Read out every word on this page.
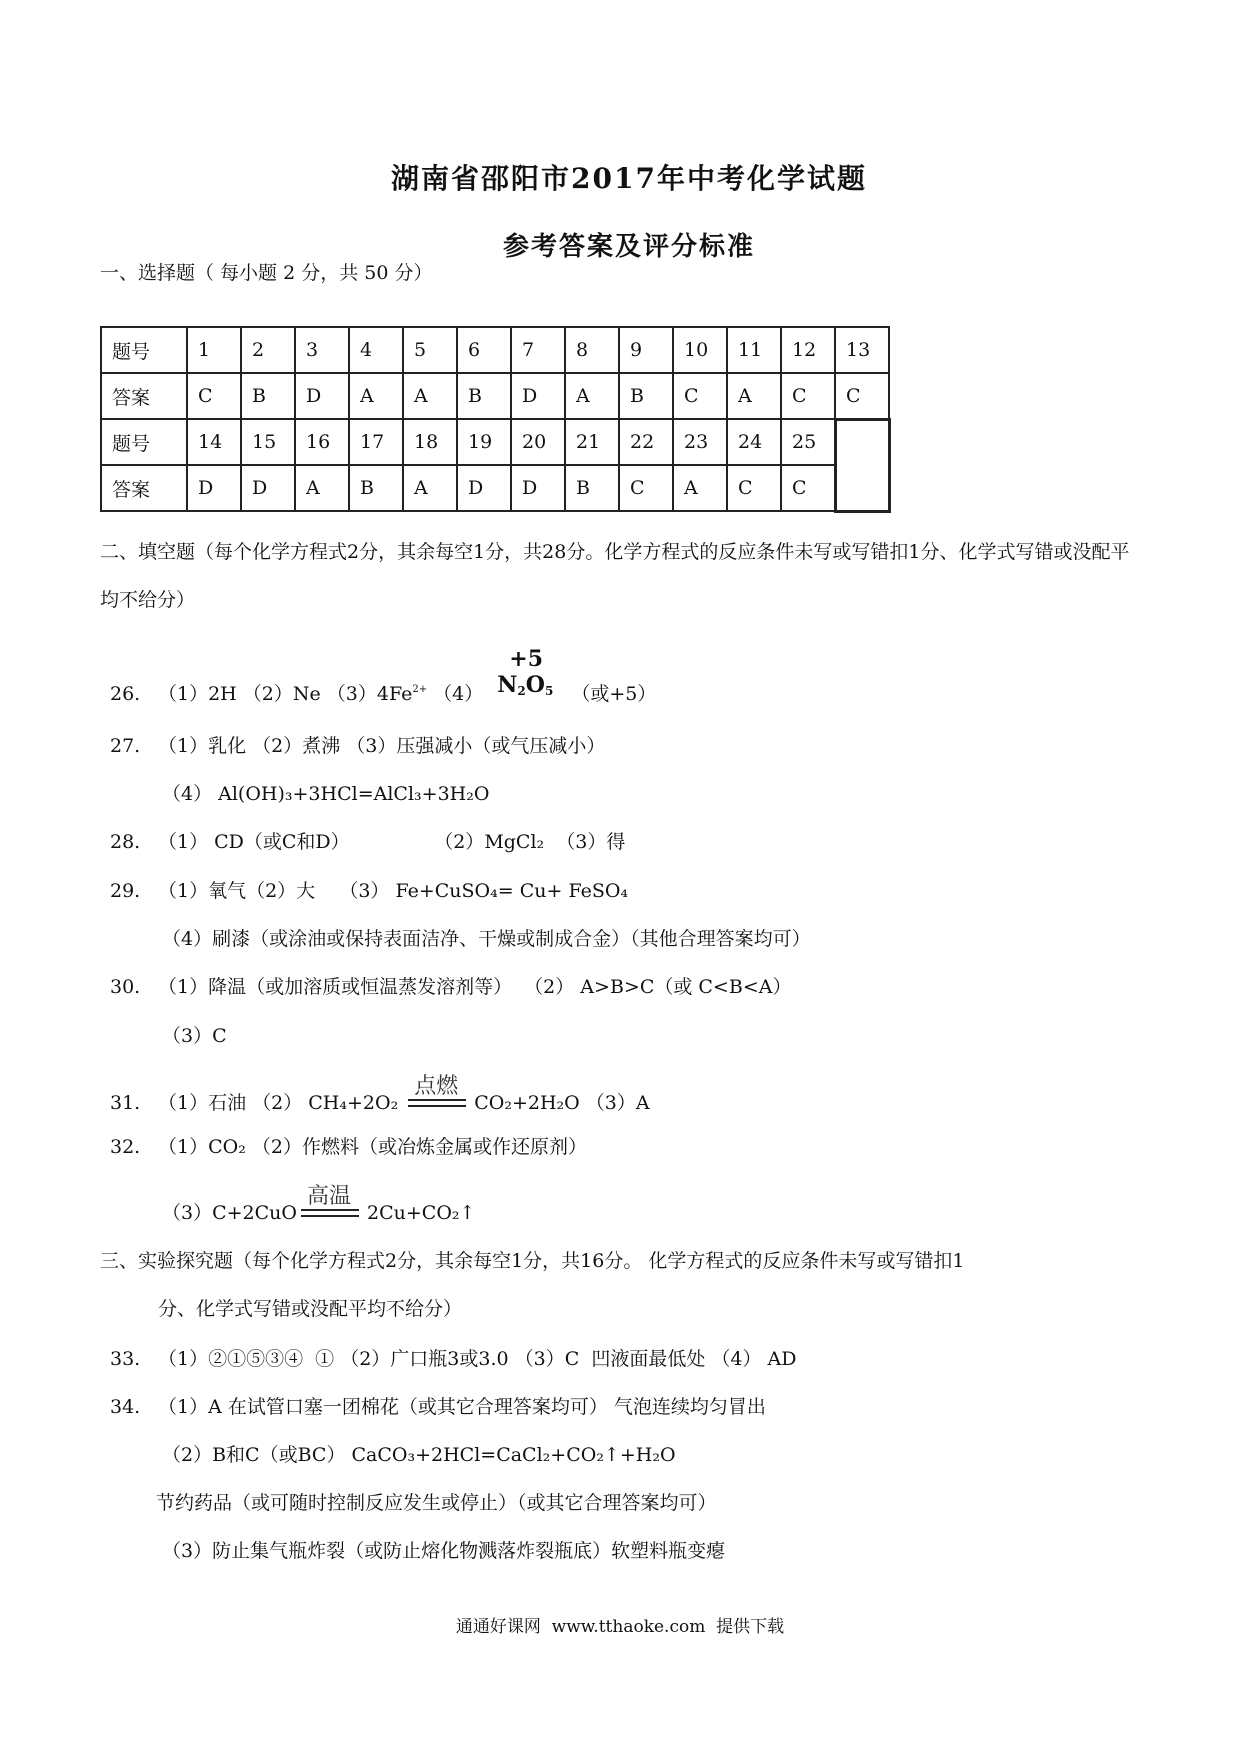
湖南省邵阳市2017年中考化学试题
参考答案及评分标准
一、选择题（ 每小题 2 分，共 50 分）
题号	1	2	3	4	5	6	7	8	9	10	11	12	13
答案	C	B	D	A	A	B	D	A	B	C	A	C	C
题号	14	15	16	17	18	19	20	21	22	23	24	25	
答案	D	D	A	B	A	D	D	B	C	A	C	C	
二、填空题（每个化学方程式2分，其余每空1分，共28分。化学方程式的反应条件未写或写错扣1分、化学式写错或没配平均不给分）
26. （1）2H （2）Ne $(3)4Fe^{2+}$ （4）
+5
$N_2O_5$ （或+5）
27. （1）乳化 （2）煮沸 （3）压强减小（或气压减小）
（4） Al(OH)₃+3HCl=AlCl₃+3H₂O
28. （1） CD（或C和D）              （2）MgCl₂  （3）得
29. （1）氧气（2）大    （3） Fe+CuSO₄= Cu+ FeSO₄
（4）刷漆（或涂油或保持表面洁净、干燥或制成合金）（其他合理答案均可）
30. （1）降温（或加溶质或恒温蒸发溶剂等）  （2） A>B>C（或 C<B<A）
（3）C
31. （1）石油 （2） CH₄+2O₂
点燃
CO₂+2H₂O （3）A
32. （1）CO₂ （2）作燃料（或冶炼金属或作还原剂）
（3）C+2CuO
高温
2Cu+CO₂↑
三、实验探究题（每个化学方程式2分，其余每空1分，共16分。 化学方程式的反应条件未写或写错扣1
分、化学式写错或没配平均不给分）
33. （1）②①⑤③④  ① （2）广口瓶3或3.0 （3）C  凹液面最低处 （4） AD
34. （1）A 在试管口塞一团棉花（或其它合理答案均可） 气泡连续均匀冒出
（2）B和C（或BC） CaCO₃+2HCl=CaCl₂+CO₂↑+H₂O
节约药品（或可随时控制反应发生或停止）（或其它合理答案均可）
（3）防止集气瓶炸裂（或防止熔化物溅落炸裂瓶底）软塑料瓶变瘪
通通好课网  www.tthaoke.com  提供下载
